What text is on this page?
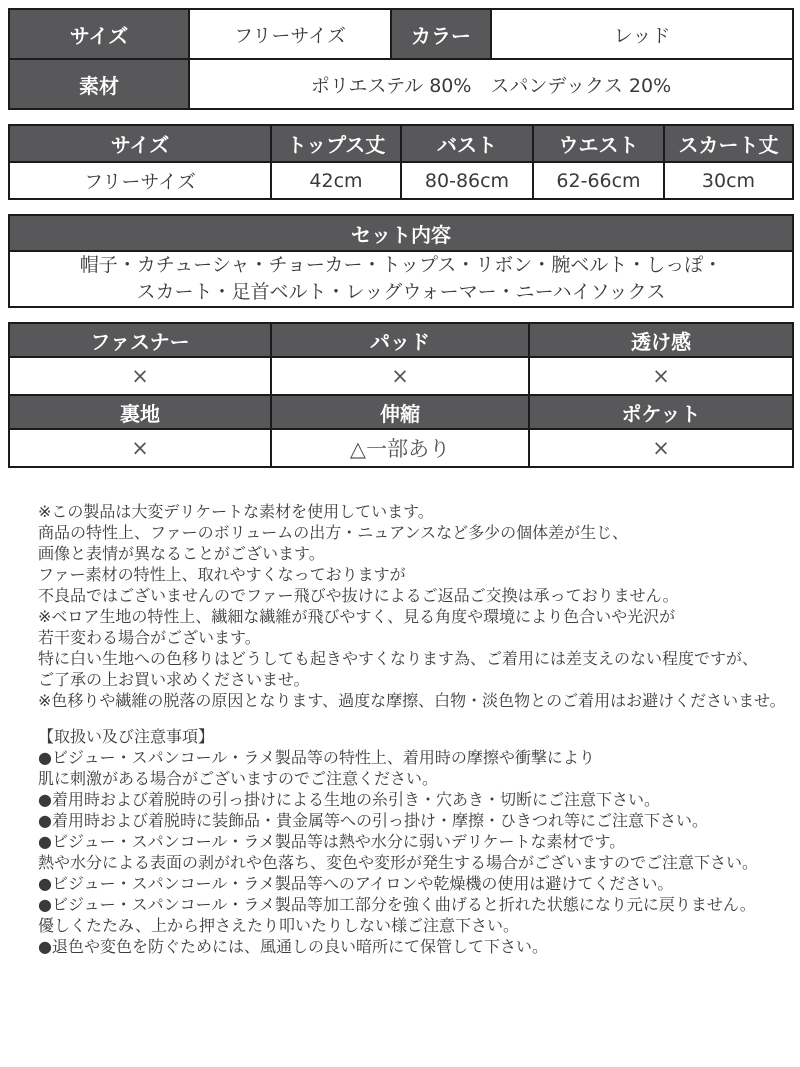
サイズ	フリーサイズ	カラー	レッド
素材	ポリエステル 80%　スパンデックス 20%		
サイズ	トップス丈	バスト	ウエスト	スカート丈
フリーサイズ	42cm	80-86cm	62-66cm	30cm
セット内容

帽子・カチューシャ・チョーカー・トップス・リボン・腕ベルト・しっぽ・
スカート・足首ベルト・レッグウォーマー・ニーハイソックス
ファスナー	パッド	透け感
×	×	×
裏地	伸縮	ポケット
×	△一部あり	×
※この製品は大変デリケートな素材を使用しています。
商品の特性上、ファーのボリュームの出方・ニュアンスなど多少の個体差が生じ、
画像と表情が異なることがございます。
ファー素材の特性上、取れやすくなっておりますが
不良品ではございませんのでファー飛びや抜けによるご返品ご交換は承っておりません。
※ベロア生地の特性上、繊細な繊維が飛びやすく、見る角度や環境により色合いや光沢が
若干変わる場合がございます。
特に白い生地への色移りはどうしても起きやすくなります為、ご着用には差支えのない程度ですが、
ご了承の上お買い求めくださいませ。
※色移りや繊維の脱落の原因となります、過度な摩擦、白物・淡色物とのご着用はお避けくださいませ。
【取扱い及び注意事項】
●ビジュー・スパンコール・ラメ製品等の特性上、着用時の摩擦や衝撃により
肌に刺激がある場合がございますのでご注意ください。
●着用時および着脱時の引っ掛けによる生地の糸引き・穴あき・切断にご注意下さい。
●着用時および着脱時に装飾品・貴金属等への引っ掛け・摩擦・ひきつれ等にご注意下さい。
●ビジュー・スパンコール・ラメ製品等は熱や水分に弱いデリケートな素材です。
熱や水分による表面の剥がれや色落ち、変色や変形が発生する場合がございますのでご注意下さい。
●ビジュー・スパンコール・ラメ製品等へのアイロンや乾燥機の使用は避けてください。
●ビジュー・スパンコール・ラメ製品等加工部分を強く曲げると折れた状態になり元に戻りません。
優しくたたみ、上から押さえたり叩いたりしない様ご注意下さい。
●退色や変色を防ぐためには、風通しの良い暗所にて保管して下さい。
